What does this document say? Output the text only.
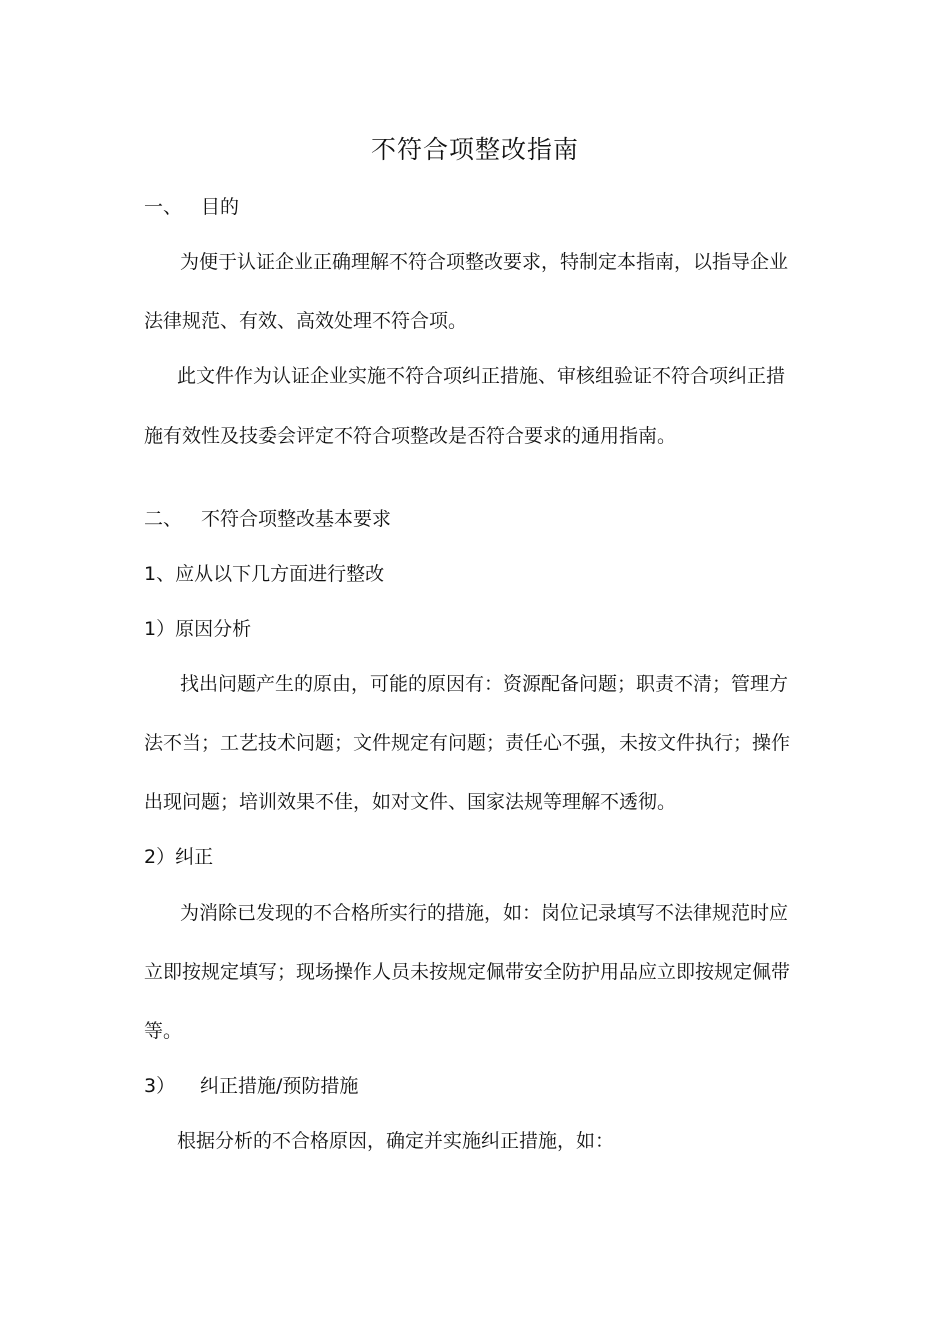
不符合项整改指南
一、 目的
为便于认证企业正确理解不符合项整改要求，特制定本指南，以指导企业
法律规范、有效、高效处理不符合项。
此文件作为认证企业实施不符合项纠正措施、审核组验证不符合项纠正措
施有效性及技委会评定不符合项整改是否符合要求的通用指南。
二、 不符合项整改基本要求
1、应从以下几方面进行整改
1）原因分析
找出问题产生的原由，可能的原因有：资源配备问题；职责不清；管理方
法不当；工艺技术问题；文件规定有问题；责任心不强，未按文件执行；操作
出现问题；培训效果不佳，如对文件、国家法规等理解不透彻。
2）纠正
为消除已发现的不合格所实行的措施，如：岗位记录填写不法律规范时应
立即按规定填写；现场操作人员未按规定佩带安全防护用品应立即按规定佩带
等。
3） 纠正措施/预防措施
根据分析的不合格原因，确定并实施纠正措施，如：
